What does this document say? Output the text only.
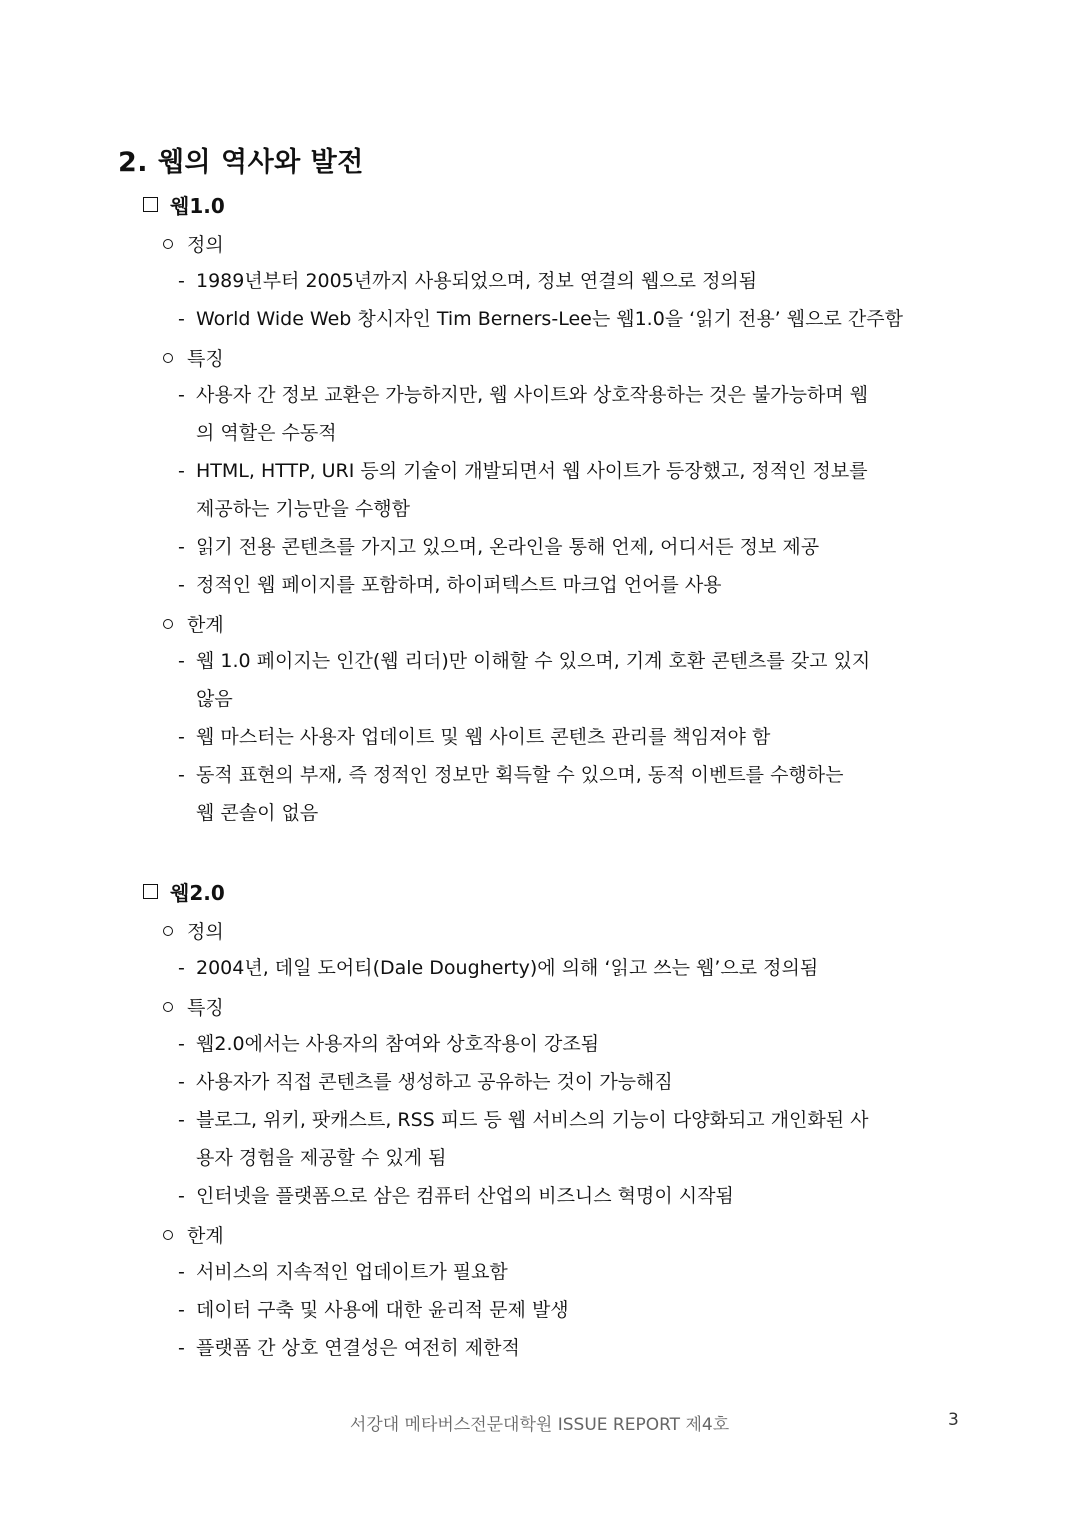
2. 웹의 역사와 발전
웹1.0
정의
- 1989년부터 2005년까지 사용되었으며, 정보 연결의 웹으로 정의됨
- World Wide Web 창시자인 Tim Berners-Lee는 웹1.0을 ‘읽기 전용’ 웹으로 간주함
특징
- 사용자 간 정보 교환은 가능하지만, 웹 사이트와 상호작용하는 것은 불가능하며 웹
의 역할은 수동적
- HTML, HTTP, URI 등의 기술이 개발되면서 웹 사이트가 등장했고, 정적인 정보를
제공하는 기능만을 수행함
- 읽기 전용 콘텐츠를 가지고 있으며, 온라인을 통해 언제, 어디서든 정보 제공
- 정적인 웹 페이지를 포함하며, 하이퍼텍스트 마크업 언어를 사용
한계
- 웹 1.0 페이지는 인간(웹 리더)만 이해할 수 있으며, 기계 호환 콘텐츠를 갖고 있지
않음
- 웹 마스터는 사용자 업데이트 및 웹 사이트 콘텐츠 관리를 책임져야 함
- 동적 표현의 부재, 즉 정적인 정보만 획득할 수 있으며, 동적 이벤트를 수행하는
웹 콘솔이 없음
웹2.0
정의
- 2004년, 데일 도어티(Dale Dougherty)에 의해 ‘읽고 쓰는 웹’으로 정의됨
특징
- 웹2.0에서는 사용자의 참여와 상호작용이 강조됨
- 사용자가 직접 콘텐츠를 생성하고 공유하는 것이 가능해짐
- 블로그, 위키, 팟캐스트, RSS 피드 등 웹 서비스의 기능이 다양화되고 개인화된 사
용자 경험을 제공할 수 있게 됨
- 인터넷을 플랫폼으로 삼은 컴퓨터 산업의 비즈니스 혁명이 시작됨
한계
- 서비스의 지속적인 업데이트가 필요함
- 데이터 구축 및 사용에 대한 윤리적 문제 발생
- 플랫폼 간 상호 연결성은 여전히 제한적
서강대 메타버스전문대학원 ISSUE REPORT 제4호	3
